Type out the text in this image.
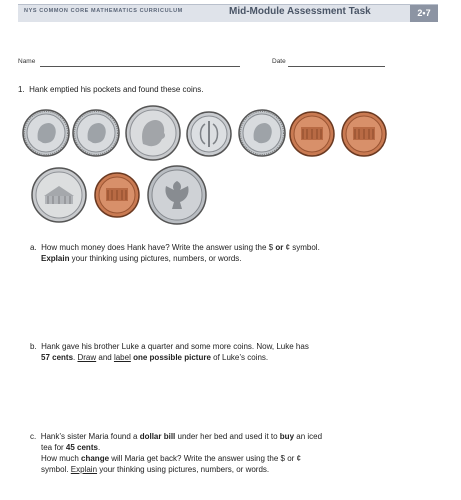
NYS COMMON CORE MATHEMATICS CURRICULUM	Mid-Module Assessment Task	2•7
Name	Date
1. Hank emptied his pockets and found these coins.
a. How much money does Hank have? Write the answer using the $ or ¢ symbol.
Explain your thinking using pictures, numbers, or words.
b. Hank gave his brother Luke a quarter and some more coins. Now, Luke has
57 cents. Draw and label one possible picture of Luke’s coins.
c. Hank’s sister Maria found a dollar bill under her bed and used it to buy an iced
tea for 45 cents.
How much change will Maria get back? Write the answer using the $ or ¢
symbol. Explain your thinking using pictures, numbers, or words.
